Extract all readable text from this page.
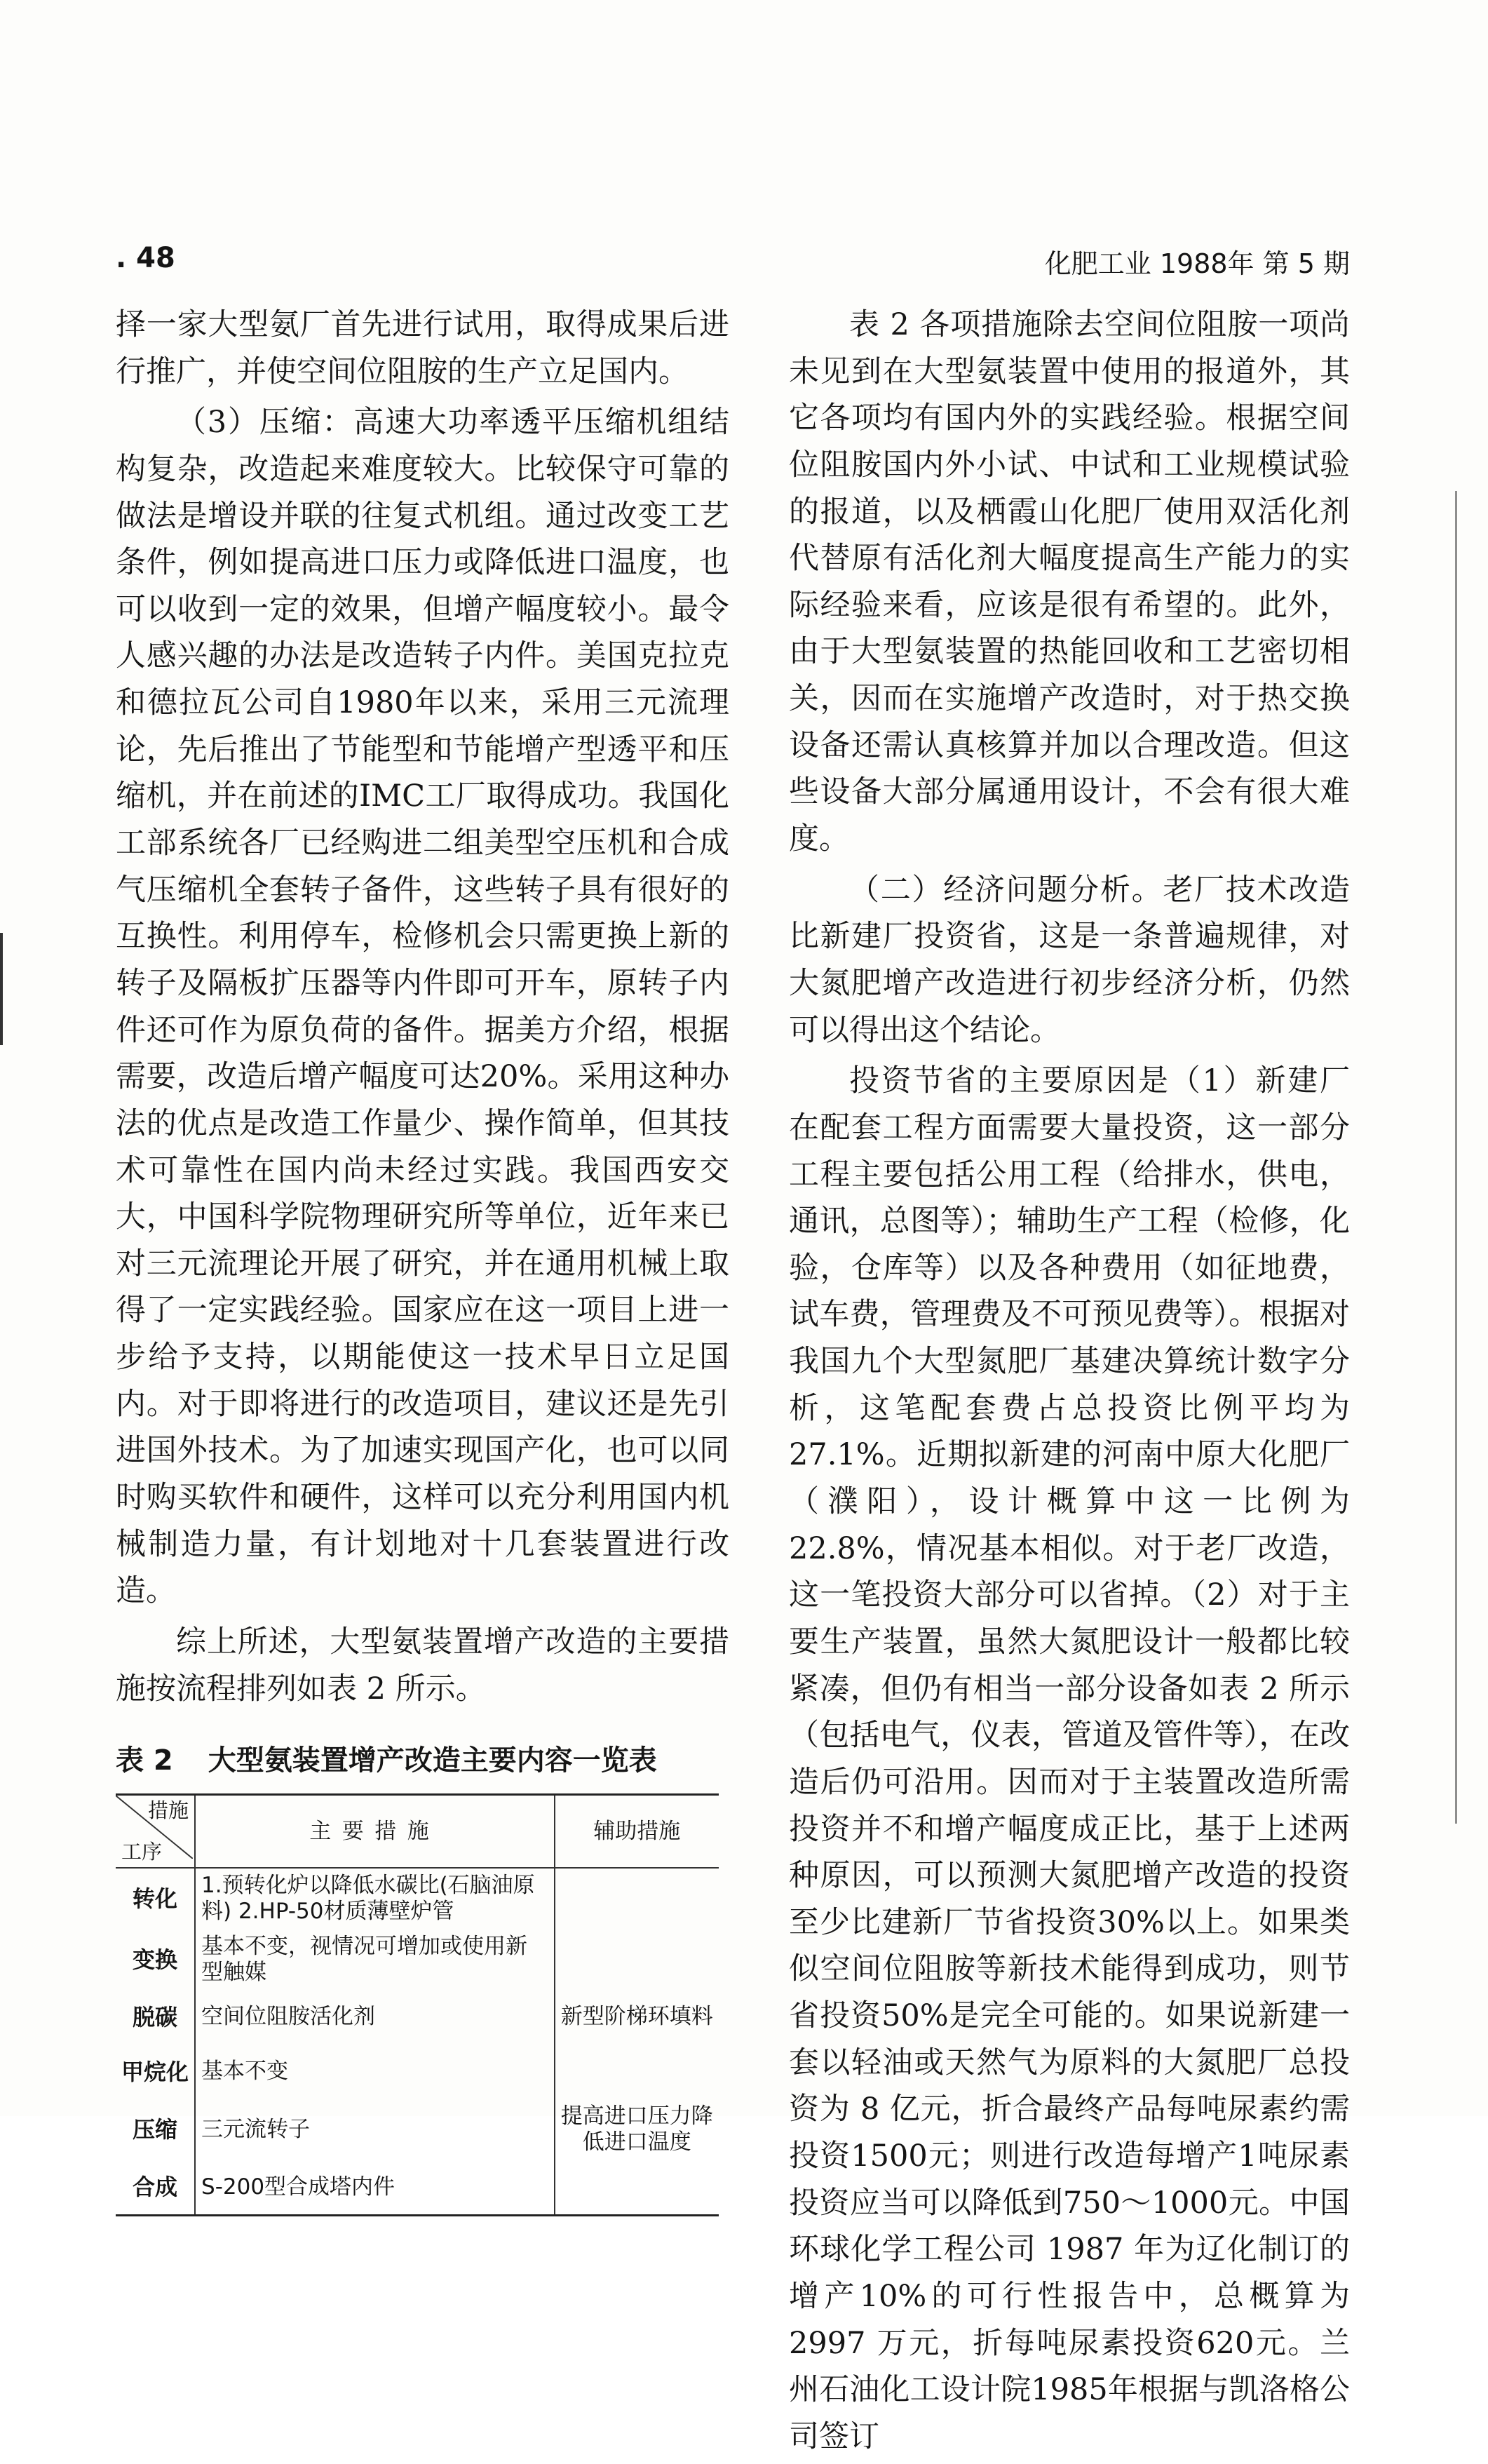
. 48	化肥工业 1988年 第 5 期

择一家大型氨厂首先进行试用，取得成果后进行推广，并使空间位阻胺的生产立足国内。

（3）压缩：高速大功率透平压缩机组结构复杂，改造起来难度较大。比较保守可靠的做法是增设并联的往复式机组。通过改变工艺条件，例如提高进口压力或降低进口温度，也可以收到一定的效果，但增产幅度较小。最令人感兴趣的办法是改造转子内件。美国克拉克和德拉瓦公司自1980年以来，采用三元流理论，先后推出了节能型和节能增产型透平和压缩机，并在前述的IMC工厂取得成功。我国化工部系统各厂已经购进二组美型空压机和合成气压缩机全套转子备件，这些转子具有很好的互换性。利用停车，检修机会只需更换上新的转子及隔板扩压器等内件即可开车，原转子内件还可作为原负荷的备件。据美方介绍，根据需要，改造后增产幅度可达20%。采用这种办法的优点是改造工作量少、操作简单，但其技术可靠性在国内尚未经过实践。我国西安交大，中国科学院物理研究所等单位，近年来已对三元流理论开展了研究，并在通用机械上取得了一定实践经验。国家应在这一项目上进一步给予支持，以期能使这一技术早日立足国内。对于即将进行的改造项目，建议还是先引进国外技术。为了加速实现国产化，也可以同时购买软件和硬件，这样可以充分利用国内机械制造力量，有计划地对十几套装置进行改造。

综上所述，大型氨装置增产改造的主要措施按流程排列如表 2 所示。

表 2 大型氨装置增产改造主要内容一览表
措施
工序	主要措施	辅助措施
转化	1.预转化炉以降低水碳比(石脑油原料) 2.HP-50材质薄壁炉管	
变换	基本不变，视情况可增加或使用新型触媒	
脱碳	空间位阻胺活化剂	新型阶梯环填料
甲烷化	基本不变	
压缩	三元流转子	提高进口压力降低进口温度
合成	S-200型合成塔内件	

表 2 各项措施除去空间位阻胺一项尚未见到在大型氨装置中使用的报道外，其它各项均有国内外的实践经验。根据空间位阻胺国内外小试、中试和工业规模试验的报道，以及栖霞山化肥厂使用双活化剂代替原有活化剂大幅度提高生产能力的实际经验来看，应该是很有希望的。此外，由于大型氨装置的热能回收和工艺密切相关，因而在实施增产改造时，对于热交换设备还需认真核算并加以合理改造。但这些设备大部分属通用设计，不会有很大难度。

（二）经济问题分析。老厂技术改造比新建厂投资省，这是一条普遍规律，对大氮肥增产改造进行初步经济分析，仍然可以得出这个结论。

投资节省的主要原因是（1）新建厂在配套工程方面需要大量投资，这一部分工程主要包括公用工程（给排水，供电，通讯，总图等）；辅助生产工程（检修，化验，仓库等）以及各种费用（如征地费，试车费，管理费及不可预见费等）。根据对我国九个大型氮肥厂基建决算统计数字分析，这笔配套费占总投资比例平均为27.1%。近期拟新建的河南中原大化肥厂（濮阳），设计概算中这一比例为22.8%，情况基本相似。对于老厂改造，这一笔投资大部分可以省掉。（2）对于主要生产装置，虽然大氮肥设计一般都比较紧凑，但仍有相当一部分设备如表 2 所示（包括电气，仪表，管道及管件等），在改造后仍可沿用。因而对于主装置改造所需投资并不和增产幅度成正比，基于上述两种原因，可以预测大氮肥增产改造的投资至少比建新厂节省投资30%以上。如果类似空间位阻胺等新技术能得到成功，则节省投资50%是完全可能的。如果说新建一套以轻油或天然气为原料的大氮肥厂总投资为 8 亿元，折合最终产品每吨尿素约需投资1500元；则进行改造每增产1吨尿素投资应当可以降低到750～1000元。中国环球化学工程公司 1987 年为辽化制订的增产10%的可行性报告中，总概算为 2997 万元，折每吨尿素投资620元。兰州石油化工设计院1985年根据与凯洛格公司签订
